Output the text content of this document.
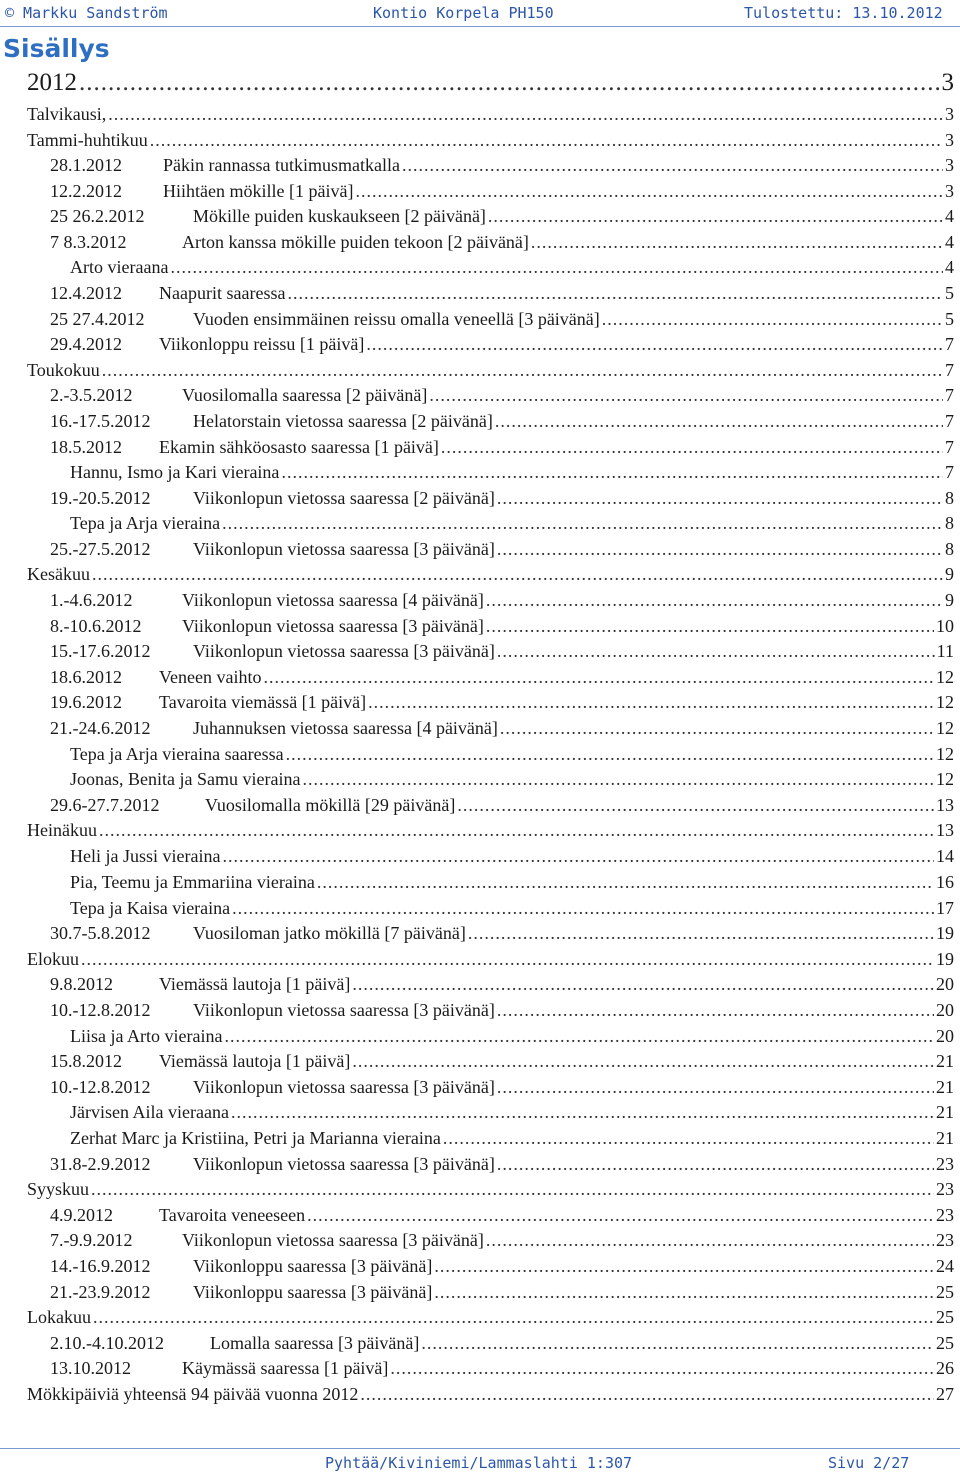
© Markku Sandström	Kontio Korpela PH150	Tulostettu: 13.10.2012
Sisällys
2012 .....	3
Talvikausi, .....	3
Tammi-huhtikuu .....	3
28.1.2012	Päkin rannassa tutkimusmatkalla .....	3
12.2.2012	Hiihtäen mökille [1 päivä] .....	3
25 26.2.2012	Mökille puiden kuskaukseen [2 päivänä] .....	4
7 8.3.2012	Arton kanssa mökille puiden tekoon [2 päivänä] .....	4
Arto vieraana .....	4
12.4.2012	Naapurit saaressa .....	5
25 27.4.2012	Vuoden ensimmäinen reissu omalla veneellä [3 päivänä] .....	5
29.4.2012	Viikonloppu reissu [1 päivä] .....	7
Toukokuu .....	7
2.-3.5.2012	Vuosilomalla saaressa [2 päivänä] .....	7
16.-17.5.2012	Helatorstain vietossa saaressa [2 päivänä] .....	7
18.5.2012	Ekamin sähköosasto saaressa [1 päivä] .....	7
Hannu, Ismo ja Kari vieraina .....	7
19.-20.5.2012	Viikonlopun vietossa saaressa [2 päivänä] .....	8
Tepa ja Arja vieraina .....	8
25.-27.5.2012	Viikonlopun vietossa saaressa [3 päivänä] .....	8
Kesäkuu .....	9
1.-4.6.2012	Viikonlopun vietossa saaressa [4 päivänä] .....	9
8.-10.6.2012	Viikonlopun vietossa saaressa [3 päivänä] .....	10
15.-17.6.2012	Viikonlopun vietossa saaressa [3 päivänä] .....	11
18.6.2012	Veneen vaihto .....	12
19.6.2012	Tavaroita viemässä [1 päivä] .....	12
21.-24.6.2012	Juhannuksen vietossa saaressa [4 päivänä] .....	12
Tepa ja Arja vieraina saaressa .....	12
Joonas, Benita ja Samu vieraina .....	12
29.6-27.7.2012	Vuosilomalla mökillä [29 päivänä] .....	13
Heinäkuu .....	13
Heli ja Jussi vieraina .....	14
Pia, Teemu ja Emmariina vieraina .....	16
Tepa ja Kaisa vieraina .....	17
30.7-5.8.2012	Vuosiloman jatko mökillä [7 päivänä] .....	19
Elokuu .....	19
9.8.2012	Viemässä lautoja [1 päivä] .....	20
10.-12.8.2012	Viikonlopun vietossa saaressa [3 päivänä] .....	20
Liisa ja Arto vieraina .....	20
15.8.2012	Viemässä lautoja [1 päivä] .....	21
10.-12.8.2012	Viikonlopun vietossa saaressa [3 päivänä] .....	21
Järvisen Aila vieraana .....	21
Zerhat Marc ja Kristiina, Petri ja Marianna vieraina .....	21
31.8-2.9.2012	Viikonlopun vietossa saaressa [3 päivänä] .....	23
Syyskuu .....	23
4.9.2012	Tavaroita veneeseen .....	23
7.-9.9.2012	Viikonlopun vietossa saaressa [3 päivänä] .....	23
14.-16.9.2012	Viikonloppu saaressa [3 päivänä] .....	24
21.-23.9.2012	Viikonloppu saaressa [3 päivänä] .....	25
Lokakuu .....	25
2.10.-4.10.2012	Lomalla saaressa [3 päivänä] .....	25
13.10.2012	Käymässä saaressa [1 päivä] .....	26
Mökkipäiviä yhteensä 94 päivää vuonna 2012 .....	27
Pyhtää/Kiviniemi/Lammaslahti 1:307	Sivu 2/27
